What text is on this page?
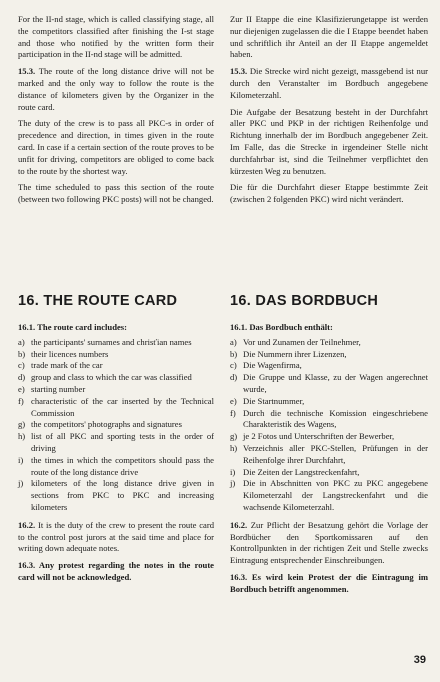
For the II-nd stage, which is called classifying stage, all the competitors classified after finishing the I-st stage and those who notified by the written form their participation in the II-nd stage will be admitted.

15.3. The route of the long distance drive will not be marked and the only way to follow the route is the distance of kilometers given by the Organizer in the route card.

The duty of the crew is to pass all PKC-s in order of precedence and direction, in times given in the route card. In case if a certain section of the route proves to be unfit for driving, competitors are obliged to come back to the route by the shortest way.

The time scheduled to pass this section of the route (between two following PKC posts) will not be changed.

Zur II Etappe die eine Klasifizierungetappe ist werden nur diejenigen zugelassen die die I Etappe beendet haben und schriftlich ihr Anteil an der II Etappe angemeldet haben.

15.3. Die Strecke wird nicht gezeigt, massgebend ist nur durch den Veranstalter im Bordbuch angegebene Kilometerzahl.

Die Aufgabe der Besatzung besteht in der Durchfahrt aller PKC und PKP in der richtigen Reihenfolge und Richtung innerhalb der im Bordbuch angegebener Zeit. Im Falle, das die Strecke in irgendeiner Stelle nicht durchfahrbar ist, sind die Teilnehmer verpflichtet den kürzesten Weg zu benutzen.

Die für die Durchfahrt dieser Etappe bestimmte Zeit (zwischen 2 folgenden PKC) wird nicht verändert.

16. THE ROUTE CARD
16.1. The route card includes:
a) the participants' surnames and chrisťian names
b) their licences numbers
c) trade mark of the car
d) group and class to which the car was classified
e) starting number
f) characteristic of the car inserted by the Technical Commission
g) the competitors' photographs and signatures
h) list of all PKC and sporting tests in the order of driving
i) the times in which the competitors should pass the route of the long distance drive
j) kilometers of the long distance drive given in sections from PKC to PKC and increasing kilometers

16.2. It is the duty of the crew to present the route card to the control post jurors at the said time and place for writing down adequate notes.

16.3. Any protest regarding the notes in the route card will not be acknowledged.

16. DAS BORDBUCH
16.1. Das Bordbuch enthält:
a) Vor und Zunamen der Teilnehmer,
b) Die Nummern ihrer Lizenzen,
c) Die Wagenfirma,
d) Die Gruppe und Klasse, zu der Wagen angerechnet wurde,
e) Die Startnummer,
f) Durch die technische Komission eingeschriebene Charakteristik des Wagens,
g) je 2 Fotos und Unterschriften der Bewerber,
h) Verzeichnis aller PKC-Stellen, Prüfungen in der Reihenfolge ihrer Durchfahrt,
i) Die Zeiten der Langstreckenfahrt,
j) Die in Abschnitten von PKC zu PKC angegebene Kilometerzahl der Langstreckenfahrt und die wachsende Kilometerzahl.

16.2. Zur Pflicht der Besatzung gehört die Vorlage der Bordbücher den Sportkomissaren auf den Kontrollpunkten in der richtigen Zeit und Stelle zwecks Eintragung entsprechender Einschreibungen.

16.3. Es wird kein Protest der die Eintragung im Bordbuch betrifft angenommen.

39
